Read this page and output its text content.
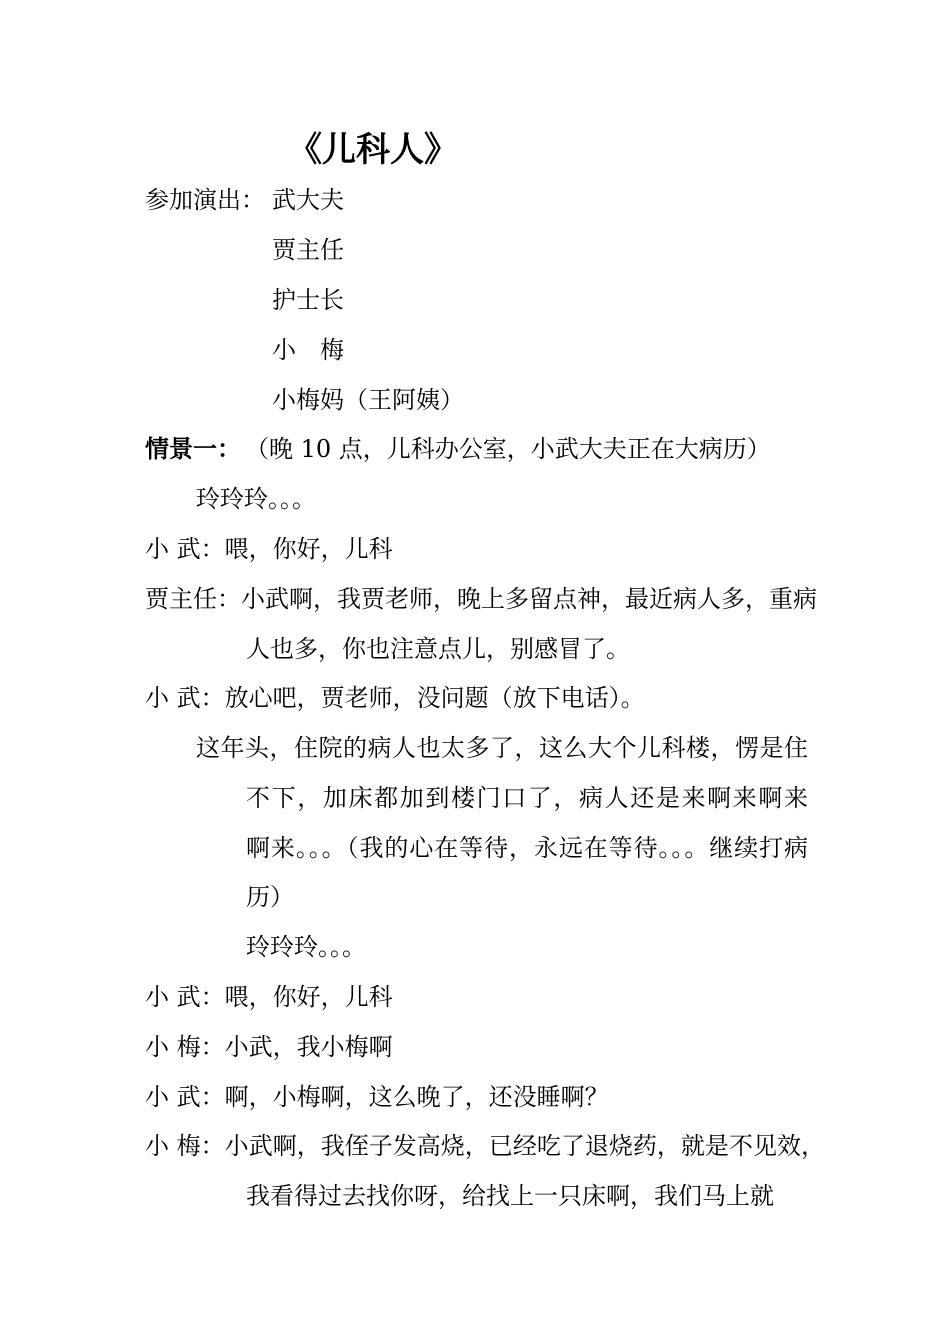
《儿科人》
参加演出： 武大夫
贾主任
护士长
小　梅
小梅妈（王阿姨）
情景一： （晚 10 点，儿科办公室，小武大夫正在大病历）
玲玲玲。。。
小 武：喂，你好，儿科
贾主任：小武啊，我贾老师，晚上多留点神，最近病人多，重病
人也多，你也注意点儿，别感冒了。
小 武：放心吧，贾老师，没问题（放下电话）。
这年头，住院的病人也太多了，这么大个儿科楼，愣是住
不下，加床都加到楼门口了，病人还是来啊来啊来
啊来。。。（我的心在等待，永远在等待。。。继续打病
历）
玲玲玲。。。
小 武：喂，你好，儿科
小 梅：小武，我小梅啊
小 武：啊，小梅啊，这么晚了，还没睡啊？
小 梅：小武啊，我侄子发高烧，已经吃了退烧药，就是不见效，
我看得过去找你呀，给找上一只床啊，我们马上就
